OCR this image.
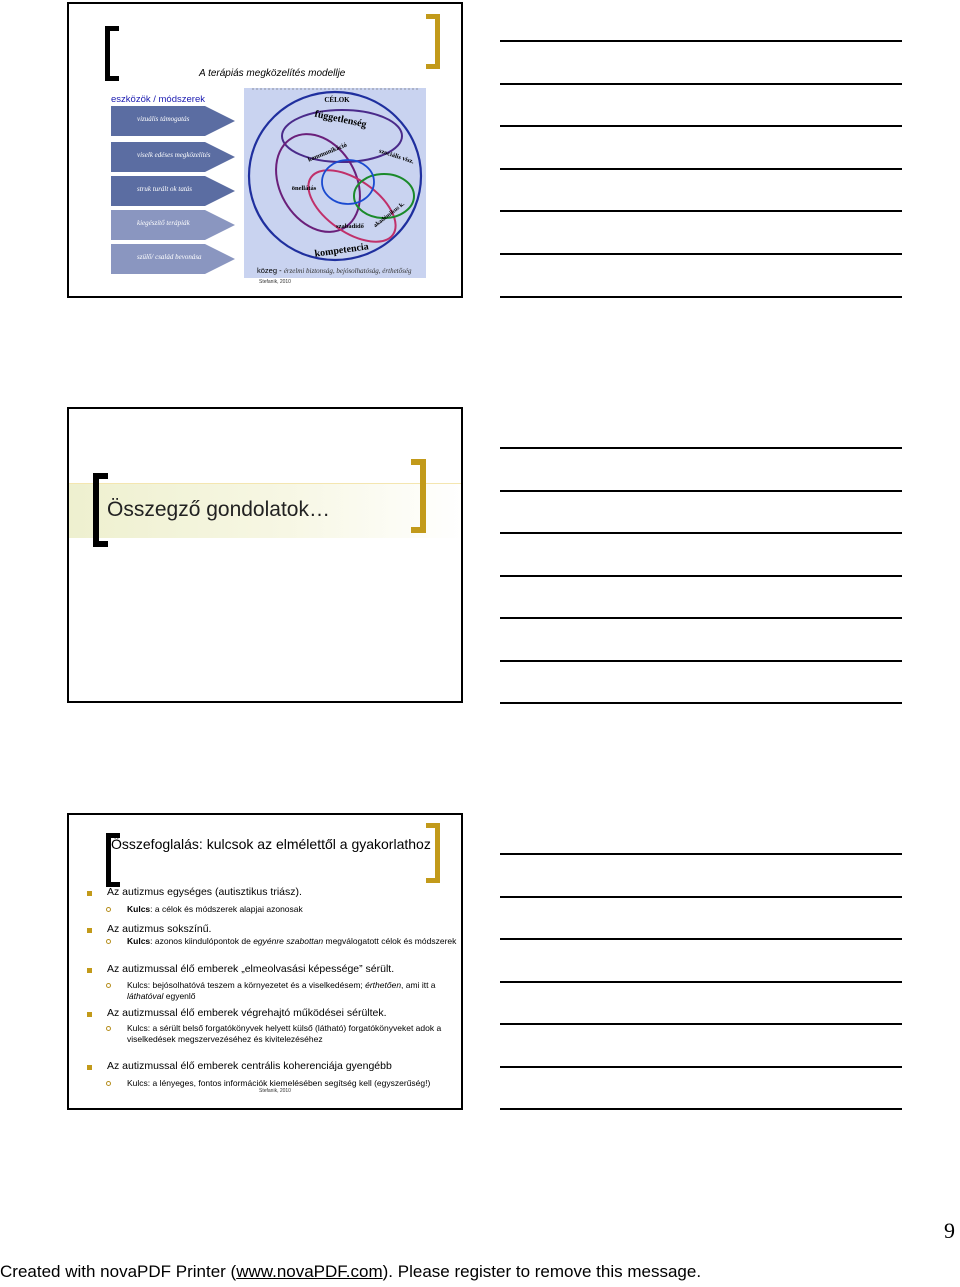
A terápiás megközelítés modellje
eszközök / módszerek
vizuális támogatás
viselk edéses megközelítés
struk turált ok tatás
kiegészítő terápiák
szülő/ család bevonása
CÉLOK
függetlenség
kommunikáció	szociális visz.
önellátás
szabadidő akadémikus k.
kompetencia
közeg - érzelmi biztonság, bejósolhatóság, érthetőség
Stefanik, 2010
Összegző gondolatok…
Összefoglalás: kulcsok az elmélettől a gyakorlathoz
Az autizmus egységes (autisztikus triász).
Kulcs: a célok és módszerek alapjai azonosak
Az autizmus sokszínű.
Kulcs: azonos kiindulópontok de egyénre szabottan megválogatott célok és módszerek
Az autizmussal élő emberek „elmeolvasási képessége” sérült.
Kulcs: bejósolhatóvá teszem a környezetet és a viselkedésem; érthetően, ami itt a láthatóval egyenlő
Az autizmussal élő emberek végrehajtó működései sérültek.
Kulcs: a sérült belső forgatókönyvek helyett külső (látható) forgatókönyveket adok a viselkedések megszervezéséhez és kivitelezéséhez
Az autizmussal élő emberek centrális koherenciája gyengébb
Kulcs: a lényeges, fontos információk kiemelésében segítség kell (egyszerűség!)
Stefanik, 2010
9
Created with novaPDF Printer (www.novaPDF.com). Please register to remove this message.
